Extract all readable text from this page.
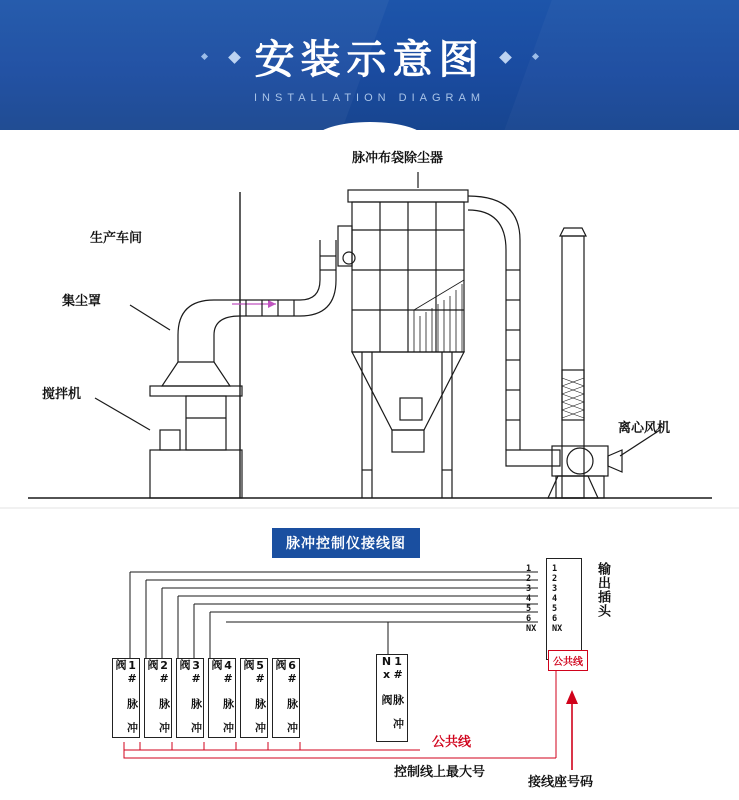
安装示意图
INSTALLATION DIAGRAM
脉冲布袋除尘器
生产车间
集尘罩
搅拌机
离心风机
脉冲控制仪接线图
1# 脉 冲 阀	2# 脉 冲 阀	3# 脉 冲 阀	4# 脉 冲 阀	5# 脉 冲 阀	6# 脉 冲 阀	1# 脉 冲 Nx 阀
1
2
3
4
5
6
NX
1
2
3
4
5
6
NX
输出插头
公共线
公共线
接线座号码
控制线上最大号
